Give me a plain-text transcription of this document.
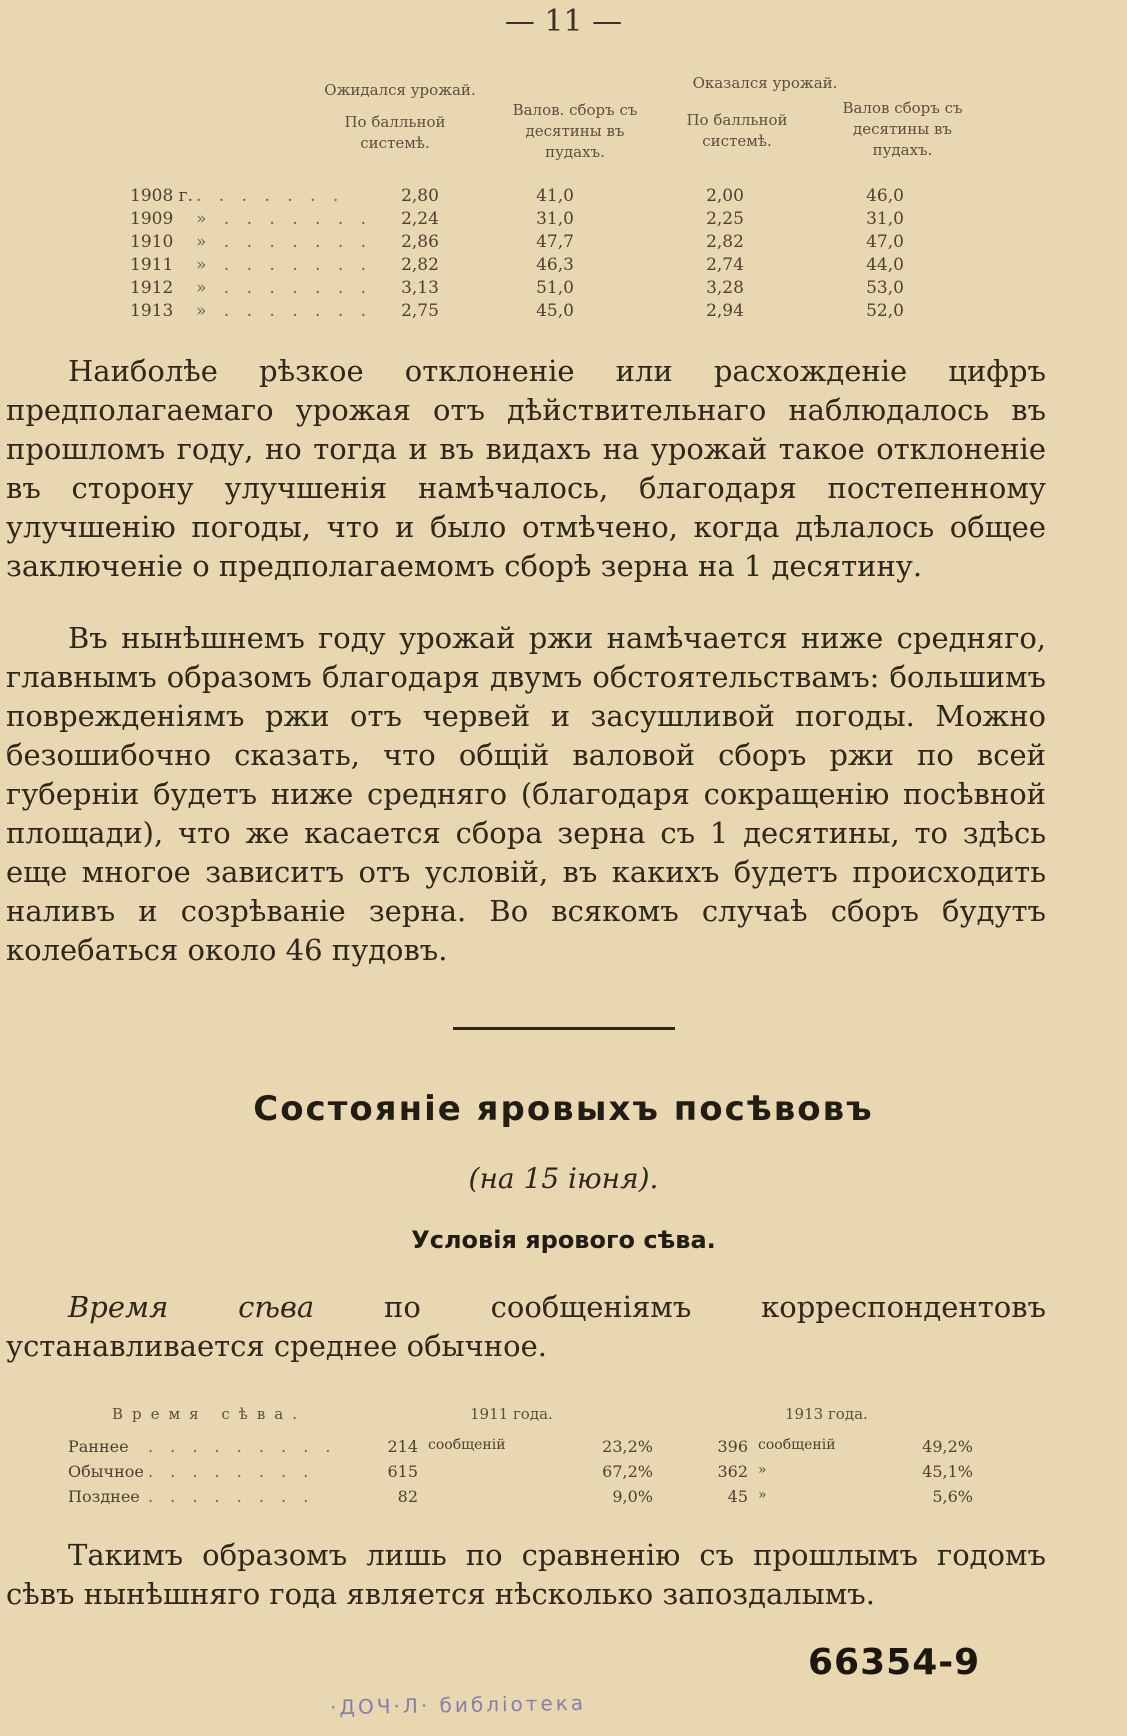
— 11 —
Ожидался урожай.
По балльной системѣ.
Валов. сборъ съ десятины въ пудахъ.
Оказался урожай.
По балльной системѣ.
Валов сборъ съ десятины въ пудахъ.
1908 г. . . . . . . .	2,80	41,0	2,00	46,0
1909 » . . . . . . .	2,24	31,0	2,25	31,0
1910 » . . . . . . .	2,86	47,7	2,82	47,0
1911 » . . . . . . .	2,82	46,3	2,74	44,0
1912 » . . . . . . .	3,13	51,0	3,28	53,0
1913 » . . . . . . .	2,75	45,0	2,94	52,0

Наиболѣе рѣзкое отклоненіе или расхожденіе цифръ предполагаемаго урожая отъ дѣйствительнаго наблюдалось въ прошломъ году, но тогда и въ видахъ на урожай такое отклоненіе въ сторону улучшенія намѣчалось, благодаря постепенному улучшенію погоды, что и было отмѣчено, когда дѣлалось общее заключеніе о предполагаемомъ сборѣ зерна на 1 десятину.

Въ нынѣшнемъ году урожай ржи намѣчается ниже средняго, главнымъ образомъ благодаря двумъ обстоятельствамъ: большимъ поврежденіямъ ржи отъ червей и засушливой погоды. Можно безошибочно сказать, что общій валовой сборъ ржи по всей губерніи будетъ ниже средняго (благодаря сокращенію посѣвной площади), что же касается сбора зерна съ 1 десятины, то здѣсь еще многое зависитъ отъ условій, въ какихъ будетъ происходить наливъ и созрѣваніе зерна. Во всякомъ случаѣ сборъ будутъ колебаться около 46 пудовъ.

Состояніе яровыхъ посѣвовъ
(на 15 іюня).
Условія ярового сѣва.

Время сѣва по сообщеніямъ корреспондентовъ устанавливается среднее обычное.

Время сѣва.	1911 года.	1913 года.
Раннее . . . . . . . . .	214 сообщеній	23,2%	396 сообщеній	49,2%
Обычное . . . . . . . .	615	67,2%	362 »	45,1%
Позднее . . . . . . . .	82	9,0%	45 »	5,6%

Такимъ образомъ лишь по сравненію съ прошлымъ годомъ сѣвъ нынѣшняго года является нѣсколько запоздалымъ.

66354-9
·ДОЧ·Л· библiотека
